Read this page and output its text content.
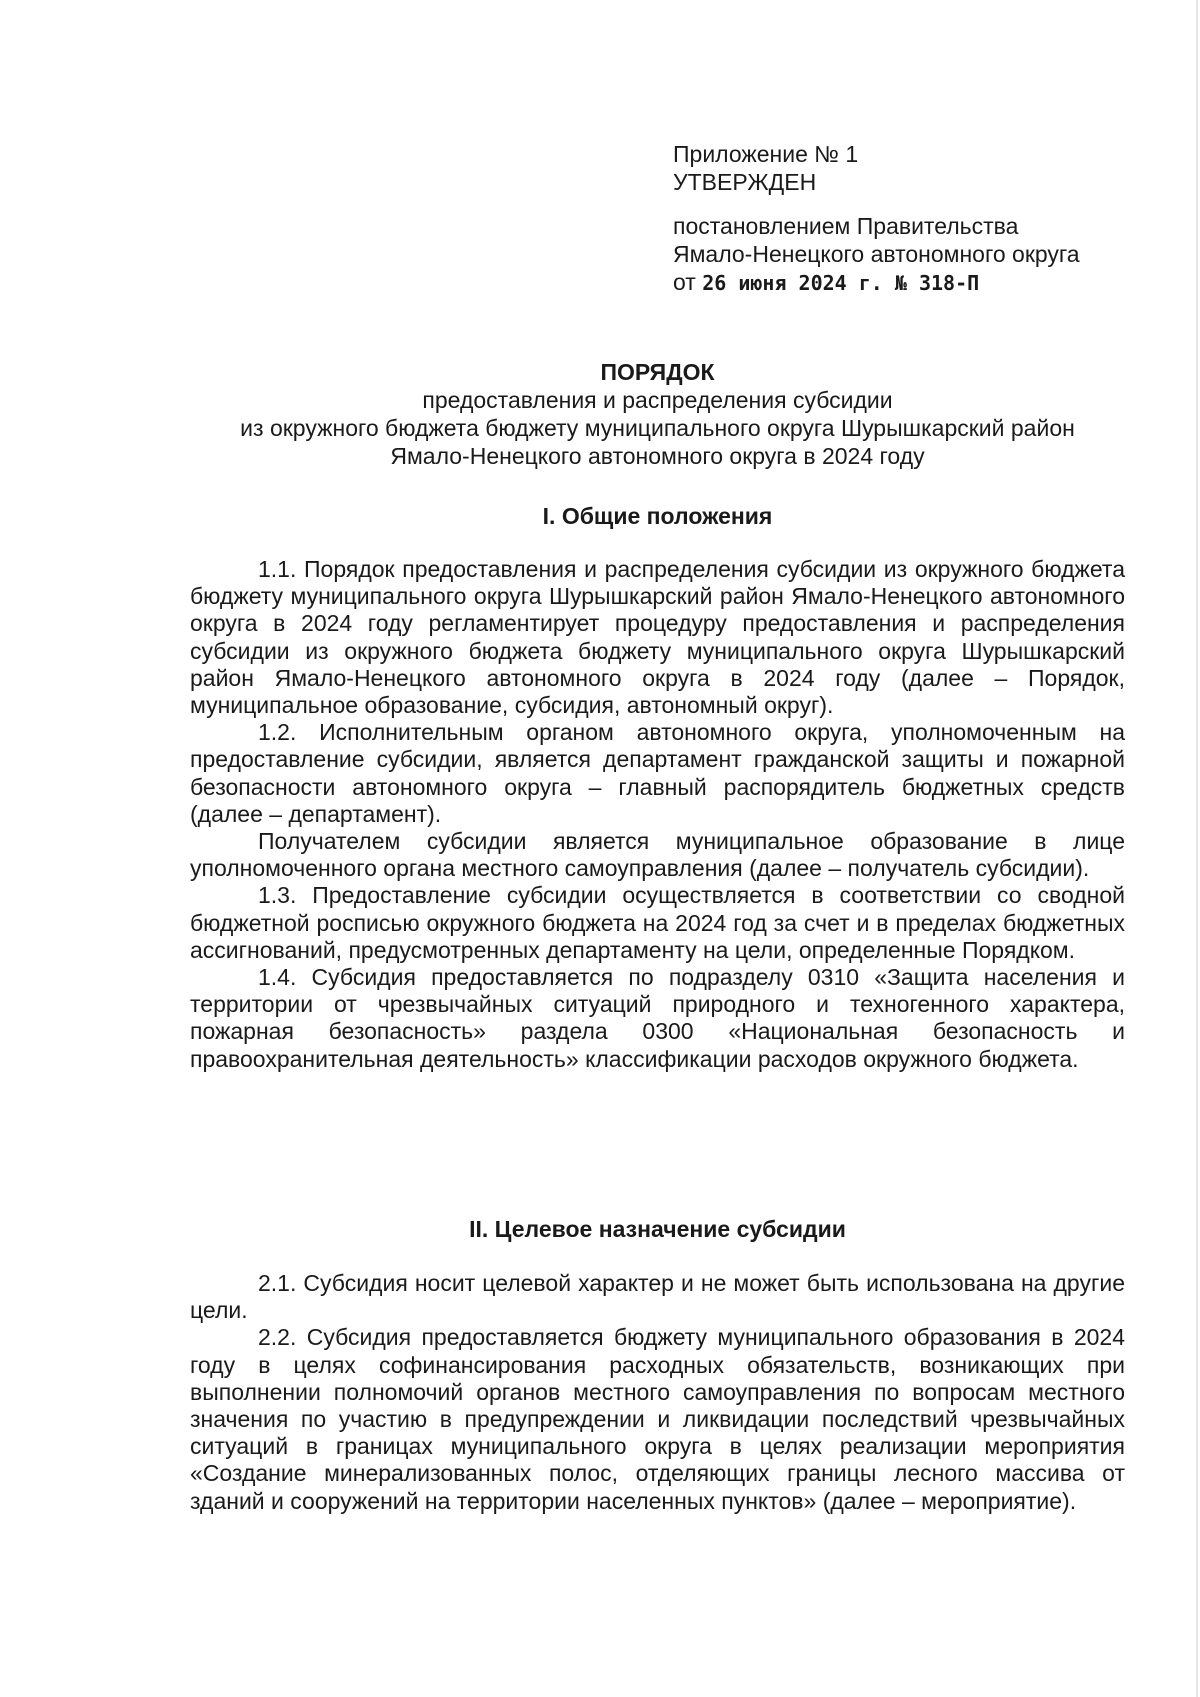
Приложение № 1
УТВЕРЖДЕН
постановлением Правительства
Ямало-Ненецкого автономного округа
от 26 июня 2024 г. № 318-П
ПОРЯДОК
предоставления и распределения субсидии
из окружного бюджета бюджету муниципального округа Шурышкарский район
Ямало-Ненецкого автономного округа в 2024 году
I. Общие положения

1.1. Порядок предоставления и распределения субсидии из окружного бюджета бюджету муниципального округа Шурышкарский район Ямало-Ненецкого автономного округа в 2024 году регламентирует процедуру предоставления и распределения субсидии из окружного бюджета бюджету муниципального округа Шурышкарский район Ямало-Ненецкого автономного округа в 2024 году (далее – Порядок, муниципальное образование, субсидия, автономный округ).

1.2. Исполнительным органом автономного округа, уполномоченным на предоставление субсидии, является департамент гражданской защиты и пожарной безопасности автономного округа – главный распорядитель бюджетных средств (далее – департамент).

Получателем субсидии является муниципальное образование в лице уполномоченного органа местного самоуправления (далее – получатель субсидии).

1.3. Предоставление субсидии осуществляется в соответствии со сводной бюджетной росписью окружного бюджета на 2024 год за счет и в пределах бюджетных ассигнований, предусмотренных департаменту на цели, определенные Порядком.

1.4. Субсидия предоставляется по подразделу 0310 «Защита населения и территории от чрезвычайных ситуаций природного и техногенного характера, пожарная безопасность» раздела 0300 «Национальная безопасность и правоохранительная деятельность» классификации расходов окружного бюджета.

II. Целевое назначение субсидии

2.1. Субсидия носит целевой характер и не может быть использована на другие цели.

2.2. Субсидия предоставляется бюджету муниципального образования в 2024 году в целях софинансирования расходных обязательств, возникающих при выполнении полномочий органов местного самоуправления по вопросам местного значения по участию в предупреждении и ликвидации последствий чрезвычайных ситуаций в границах муниципального округа в целях реализации мероприятия «Создание минерализованных полос, отделяющих границы лесного массива от зданий и сооружений на территории населенных пунктов» (далее – мероприятие).
